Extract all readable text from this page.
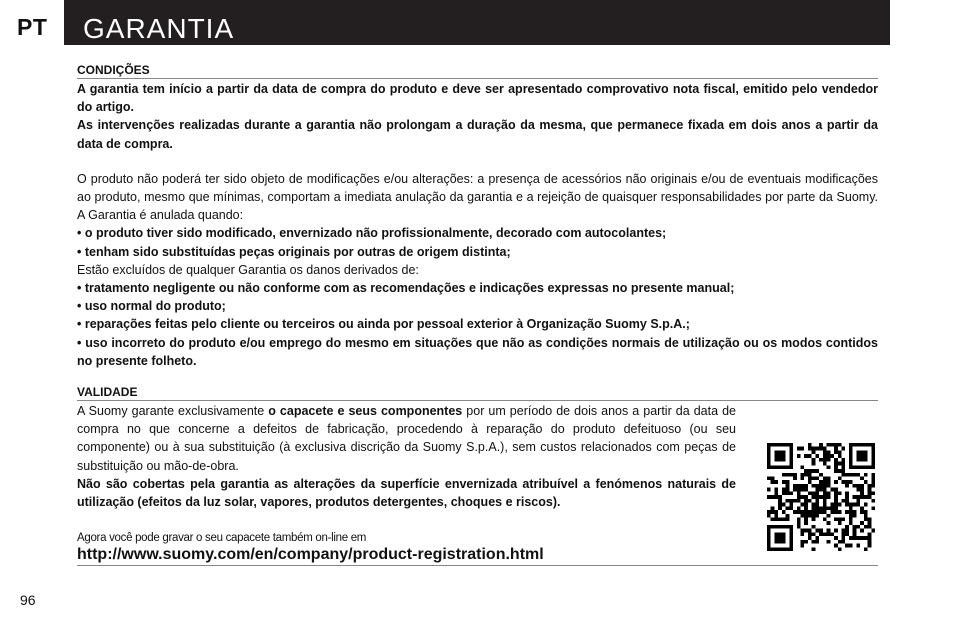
PT GARANTIA
CONDIÇÕES

A garantia tem início a partir da data de compra do produto e deve ser apresentado comprovativo nota fiscal, emitido pelo vendedor do artigo.

As intervenções realizadas durante a garantia não prolongam a duração da mesma, que permanece fixada em dois anos a partir da data de compra.

O produto não poderá ter sido objeto de modificações e/ou alterações: a presença de acessórios não originais e/ou de eventuais modificações ao produto, mesmo que mínimas, comportam a imediata anulação da garantia e a rejeição de quaisquer responsabilidades por parte da Suomy. A Garantia é anulada quando:

• o produto tiver sido modificado, envernizado não profissionalmente, decorado com autocolantes;

• tenham sido substituídas peças originais por outras de origem distinta;

Estão excluídos de qualquer Garantia os danos derivados de:

• tratamento negligente ou não conforme com as recomendações e indicações expressas no presente manual;

• uso normal do produto;

• reparações feitas pelo cliente ou terceiros ou ainda por pessoal exterior à Organização Suomy S.p.A.;

• uso incorreto do produto e/ou emprego do mesmo em situações que não as condições normais de utilização ou os modos contidos no presente folheto.

VALIDADE
A Suomy garante exclusivamente o capacete e seus componentes por um período de dois anos a partir da data de compra no que concerne a defeitos de fabricação, procedendo à reparação do produto defeituoso (ou seu componente) ou à sua substituição (à exclusiva discrição da Suomy S.p.A.), sem custos relacionados com peças de substituição ou mão-de-obra.
Não são cobertas pela garantia as alterações da superfície envernizada atribuível a fenómenos naturais de utilização (efeitos da luz solar, vapores, produtos detergentes, choques e riscos).
Agora você pode gravar o seu capacete também on-line em
http://www.suomy.com/en/company/product-registration.html
96
